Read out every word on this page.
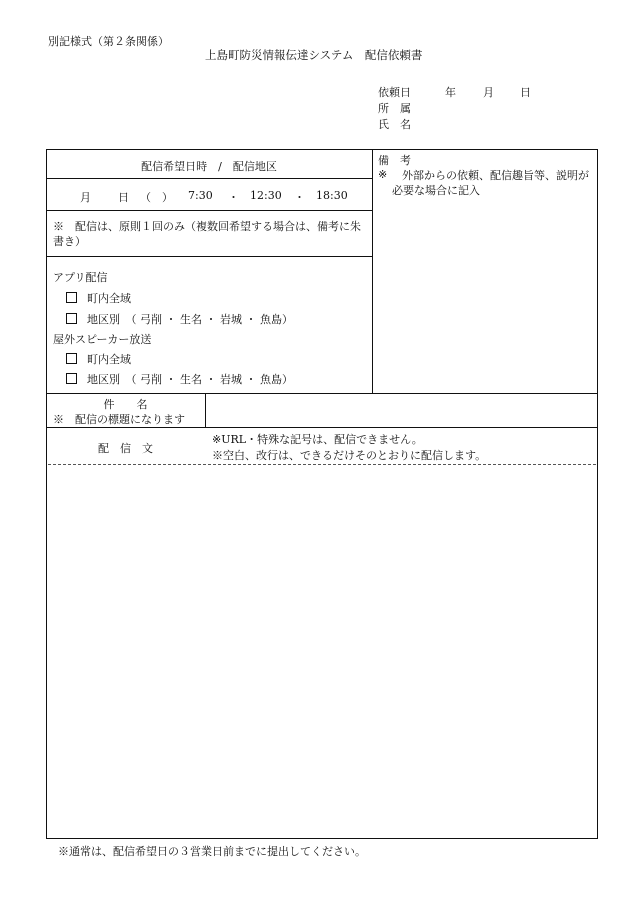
別記様式（第２条関係）
上島町防災情報伝達システム　配信依頼書
依頼日	年 月 日
所　属
氏　名
配信希望日時　/　配信地区
月 日 （　） 7:30 ・ 12:30 ・ 18:30
※　配信は、原則１回のみ（複数回希望する場合は、備考に朱書き）
備　考
※	外部からの依頼、配信趣旨等、説明が必要な場合に記入
アプリ配信
町内全域
地区別　（ 弓削 ・ 生名 ・ 岩城 ・ 魚島）
屋外スピーカー放送
町内全域
地区別　（ 弓削 ・ 生名 ・ 岩城 ・ 魚島）
件　　名
※　配信の標題になります
配　信　文
※URL・特殊な記号は、配信できません。
※空白、改行は、できるだけそのとおりに配信します。
※通常は、配信希望日の３営業日前までに提出してください。
